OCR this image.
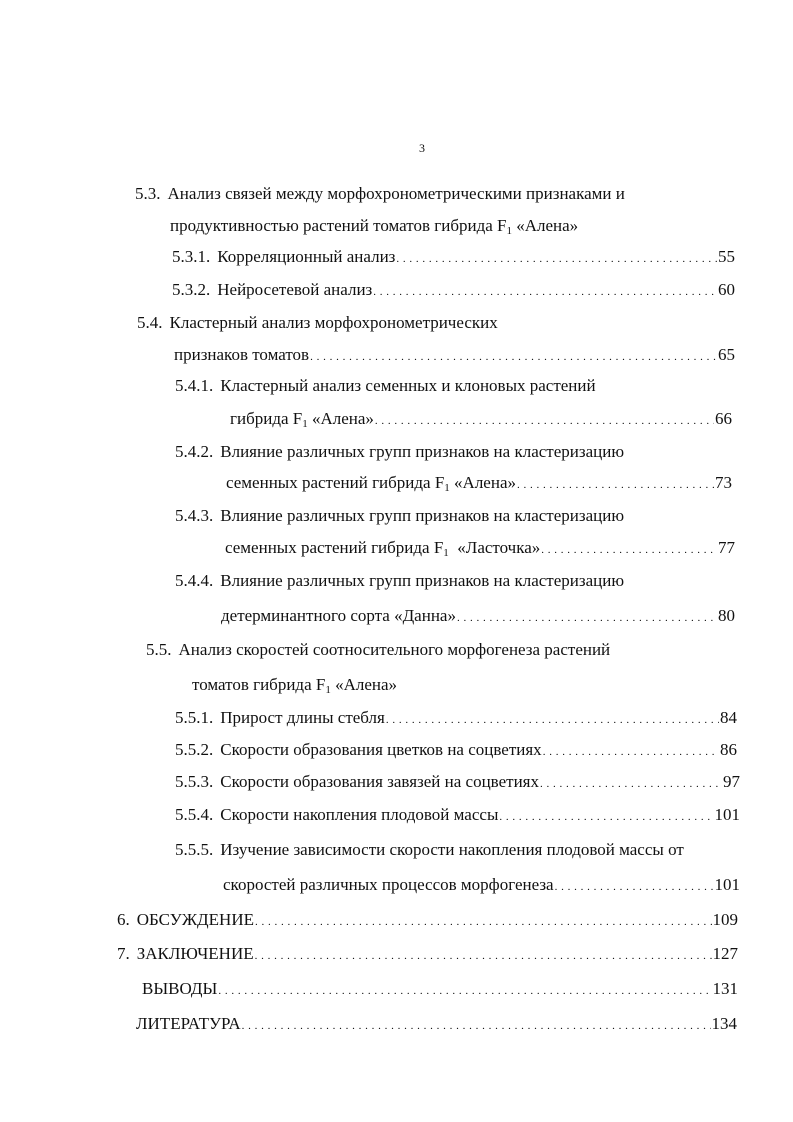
3
5.3. Анализ связей между морфохронометрическими признаками и
продуктивностью растений томатов гибрида F1 «Алена»
5.3.1. Корреляционный анализ . . .	55
5.3.2. Нейросетевой анализ . . .	60
5.4. Кластерный анализ морфохронометрических
признаков томатов . . .	65
5.4.1. Кластерный анализ семенных и клоновых растений
гибрида F1 «Алена» . . .	66
5.4.2. Влияние различных групп признаков на кластеризацию
семенных растений гибрида F1 «Алена» . . .	73
5.4.3. Влияние различных групп признаков на кластеризацию
семенных растений гибрида F1  «Ласточка» . . .	77
5.4.4. Влияние различных групп признаков на кластеризацию
детерминантного сорта «Данна» . . .	80
5.5. Анализ скоростей соотносительного морфогенеза растений
томатов гибрида F1 «Алена»
5.5.1. Прирост длины стебля . . .	84
5.5.2. Скорости образования цветков на соцветиях . . .	86
5.5.3. Скорости образования завязей на соцветиях . . .	97
5.5.4. Скорости накопления плодовой массы . . .	101
5.5.5. Изучение зависимости скорости накопления плодовой массы от
скоростей различных процессов морфогенеза . . .	101
6. ОБСУЖДЕНИЕ . . .	109
7. ЗАКЛЮЧЕНИЕ . . .	127
ВЫВОДЫ . . .	131
ЛИТЕРАТУРА . . .	134
